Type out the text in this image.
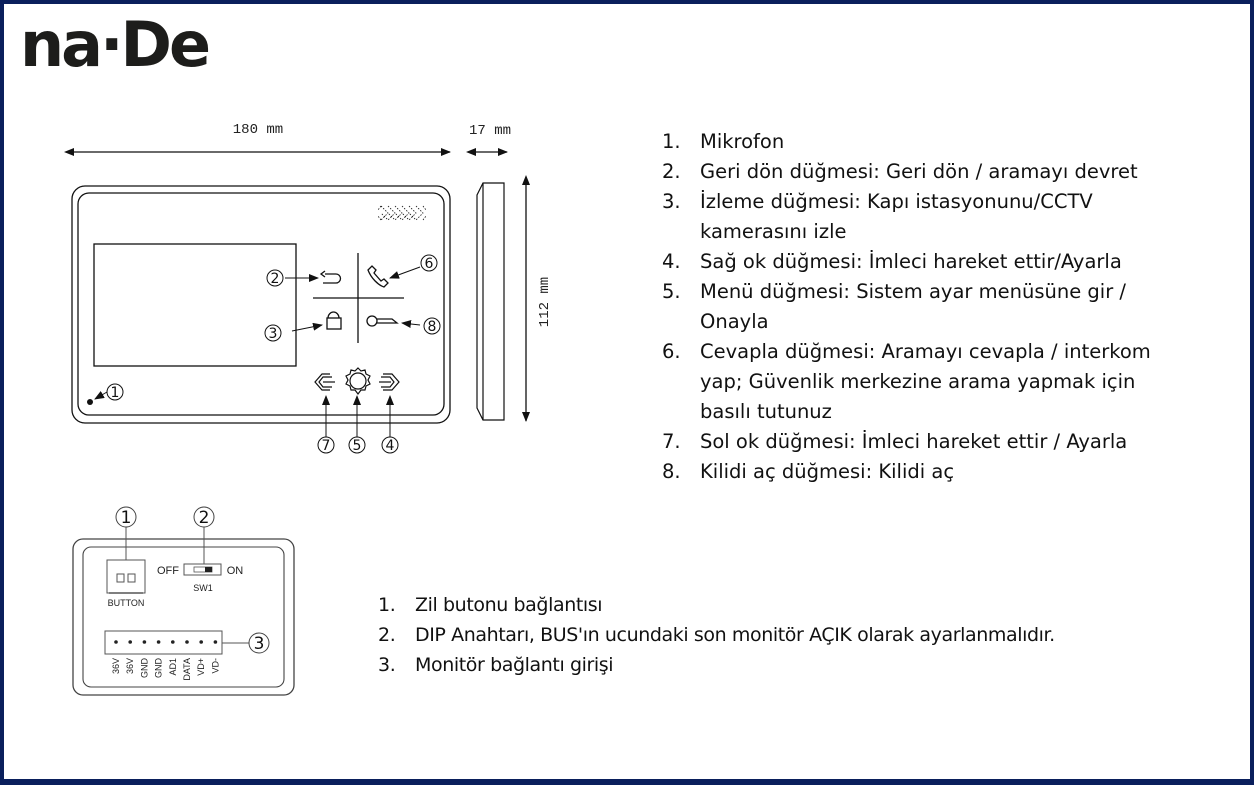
na·De
180 mm
1
2
3
4
5
6
7
8
17 mm
112 mm
BUTTON
OFF	ON
SW1
36V 36V GND GND AD1 DATA VD+ VD-
1	2
3
1. Mikrofon
2. Geri dön düğmesi: Geri dön / aramayı devret
3. İzleme düğmesi: Kapı istasyonunu/CCTV kamerasını izle
4. Sağ ok düğmesi: İmleci hareket ettir/Ayarla
5. Menü düğmesi: Sistem ayar menüsüne gir / Onayla
6. Cevapla düğmesi: Aramayı cevapla / interkom yap; Güvenlik merkezine arama yapmak için basılı tutunuz
7. Sol ok düğmesi: İmleci hareket ettir / Ayarla
8. Kilidi aç düğmesi: Kilidi aç
1.	Zil butonu bağlantısı
2.	DIP Anahtarı, BUS'ın ucundaki son monitör AÇIK olarak ayarlanmalıdır.
3.	Monitör bağlantı girişi
